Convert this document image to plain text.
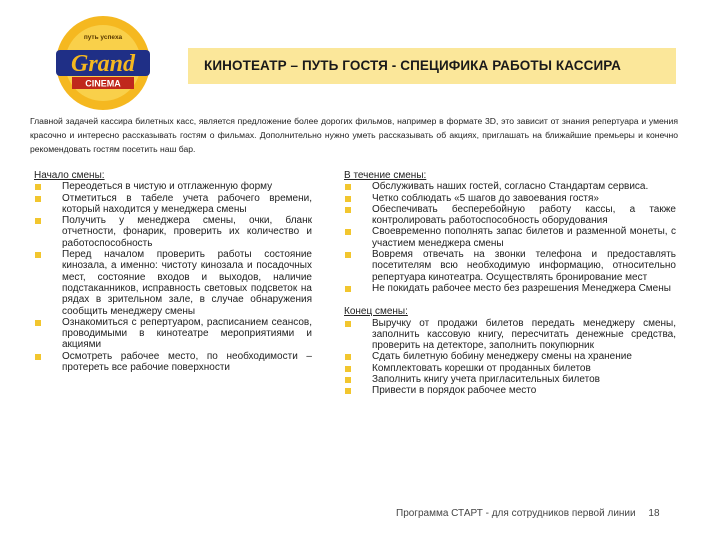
Grand
CINEMA
путь успеха
КИНОТЕАТР – ПУТЬ ГОСТЯ - СПЕЦИФИКА РАБОТЫ КАССИРА
Главной задачей кассира билетных касс, является предложение более дорогих фильмов, например в формате 3D, это зависит от знания репертуара и умения красочно и интересно рассказывать гостям о фильмах. Дополнительно нужно уметь рассказывать об акциях, приглашать на ближайшие премьеры и конечно рекомендовать гостям посетить наш бар.

Начало смены:

Переодеться в чистую и отглаженную форму
Отметиться в табеле учета рабочего времени, который находится у менеджера смены
Получить у менеджера смены, очки, бланк отчетности, фонарик, проверить их количество и работоспособность
Перед началом проверить работы состояние кинозала, а именно: чистоту кинозала и посадочных мест, состояние входов и выходов, наличие подстаканников, исправность световых подсветок на рядах в зрительном зале, в случае обнаружения сообщить менеджеру смены
Ознакомиться с репертуаром, расписанием сеансов, проводимыми в кинотеатре мероприятиями и акциями
Осмотреть рабочее место, по необходимости – протереть все рабочие поверхности

В течение смены:

Обслуживать наших гостей, согласно Стандартам сервиса.
Четко соблюдать «5 шагов до завоевания гостя»
Обеспечивать бесперебойную работу кассы, а также контролировать работоспособность оборудования
Своевременно пополнять запас билетов и разменной монеты, с участием менеджера смены
Вовремя отвечать на звонки телефона и предоставлять посетителям всю необходимую информацию, относительно репертуара кинотеатра. Осуществлять бронирование мест
Не покидать рабочее место без разрешения Менеджера Смены

Конец смены:

Выручку от продажи билетов передать менеджеру смены, заполнить кассовую книгу, пересчитать денежные средства, проверить на детекторе, заполнить покупюрник
Сдать билетную бобину менеджеру смены на хранение
Комплектовать корешки от проданных билетов
Заполнить книгу учета пригласительных билетов
Привести в порядок рабочее место
Программа СТАРТ - для сотрудников первой линии 18
